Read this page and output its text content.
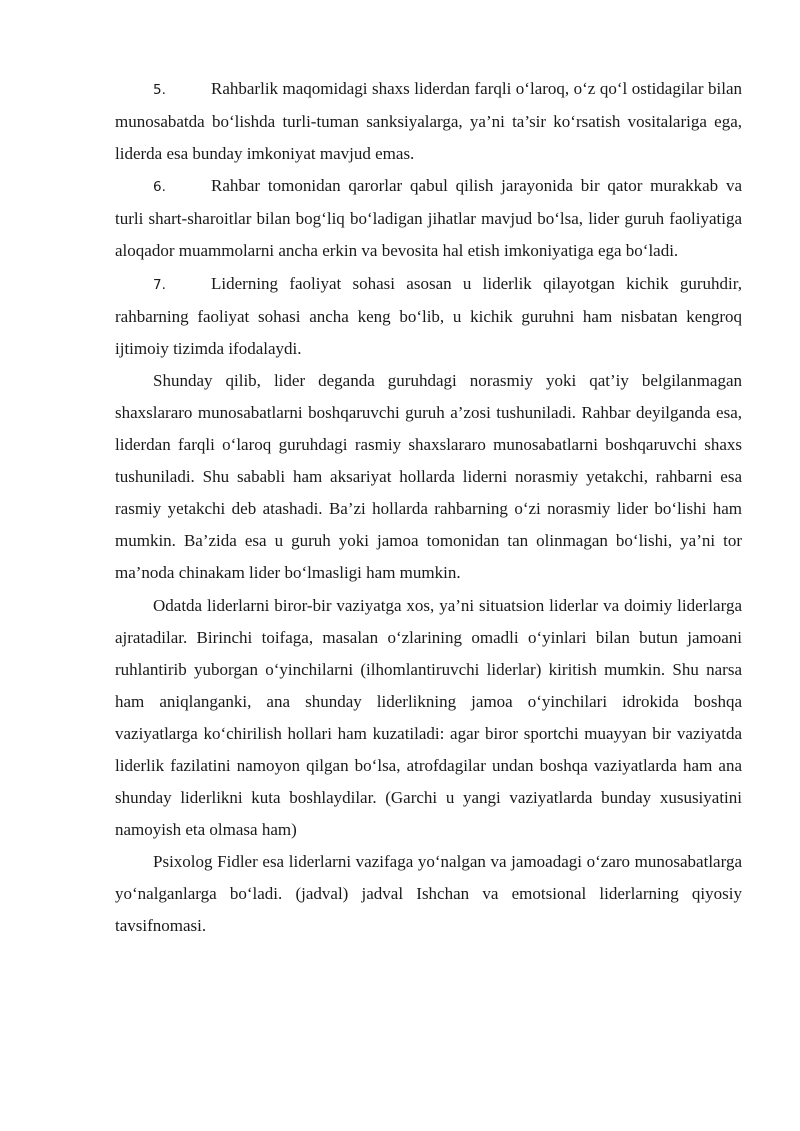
5.	Rahbarlik maqomidagi shaxs liderdan farqli o‘laroq, o‘z qo‘l ostidagilar bilan munosabatda bo‘lishda turli-tuman sanksiyalarga, ya’ni ta’sir ko‘rsatish vositalariga ega, liderda esa bunday imkoniyat mavjud emas.

6.	Rahbar tomonidan qarorlar qabul qilish jarayonida bir qator murakkab va turli shart-sharoitlar bilan bog‘liq bo‘ladigan jihatlar mavjud bo‘lsa, lider guruh faoliyatiga aloqador muammolarni ancha erkin va bevosita hal etish imkoniyatiga ega bo‘ladi.

7.	Liderning faoliyat sohasi asosan u liderlik qilayotgan kichik guruhdir, rahbarning faoliyat sohasi ancha keng bo‘lib, u kichik guruhni ham nisbatan kengroq ijtimoiy tizimda ifodalaydi.

Shunday qilib, lider deganda guruhdagi norasmiy yoki qat’iy belgilanmagan shaxslararo munosabatlarni boshqaruvchi guruh a’zosi tushuniladi. Rahbar deyilganda esa, liderdan farqli o‘laroq guruhdagi rasmiy shaxslararo munosabatlarni boshqaruvchi shaxs tushuniladi. Shu sababli ham aksariyat hollarda liderni norasmiy yetakchi, rahbarni esa rasmiy yetakchi deb atashadi. Ba’zi hollarda rahbarning o‘zi norasmiy lider bo‘lishi ham mumkin. Ba’zida esa u guruh yoki jamoa tomonidan tan olinmagan bo‘lishi, ya’ni tor ma’noda chinakam lider bo‘lmasligi ham mumkin.

Odatda liderlarni biror-bir vaziyatga xos, ya’ni situatsion liderlar va doimiy liderlarga ajratadilar. Birinchi toifaga, masalan o‘zlarining omadli o‘yinlari bilan butun jamoani ruhlantirib yuborgan o‘yinchilarni (ilhomlantiruvchi liderlar) kiritish mumkin. Shu narsa ham aniqlanganki, ana shunday liderlikning jamoa o‘yinchilari idrokida boshqa vaziyatlarga ko‘chirilish hollari ham kuzatiladi: agar biror sportchi muayyan bir vaziyatda liderlik fazilatini namoyon qilgan bo‘lsa, atrofdagilar undan boshqa vaziyatlarda ham ana shunday liderlikni kuta boshlaydilar. (Garchi u yangi vaziyatlarda bunday xususiyatini namoyish eta olmasa ham)

Psixolog Fidler esa liderlarni vazifaga yo‘nalgan va jamoadagi o‘zaro munosabatlarga yo‘nalganlarga bo‘ladi. (jadval) jadval Ishchan va emotsional liderlarning qiyosiy tavsifnomasi.
